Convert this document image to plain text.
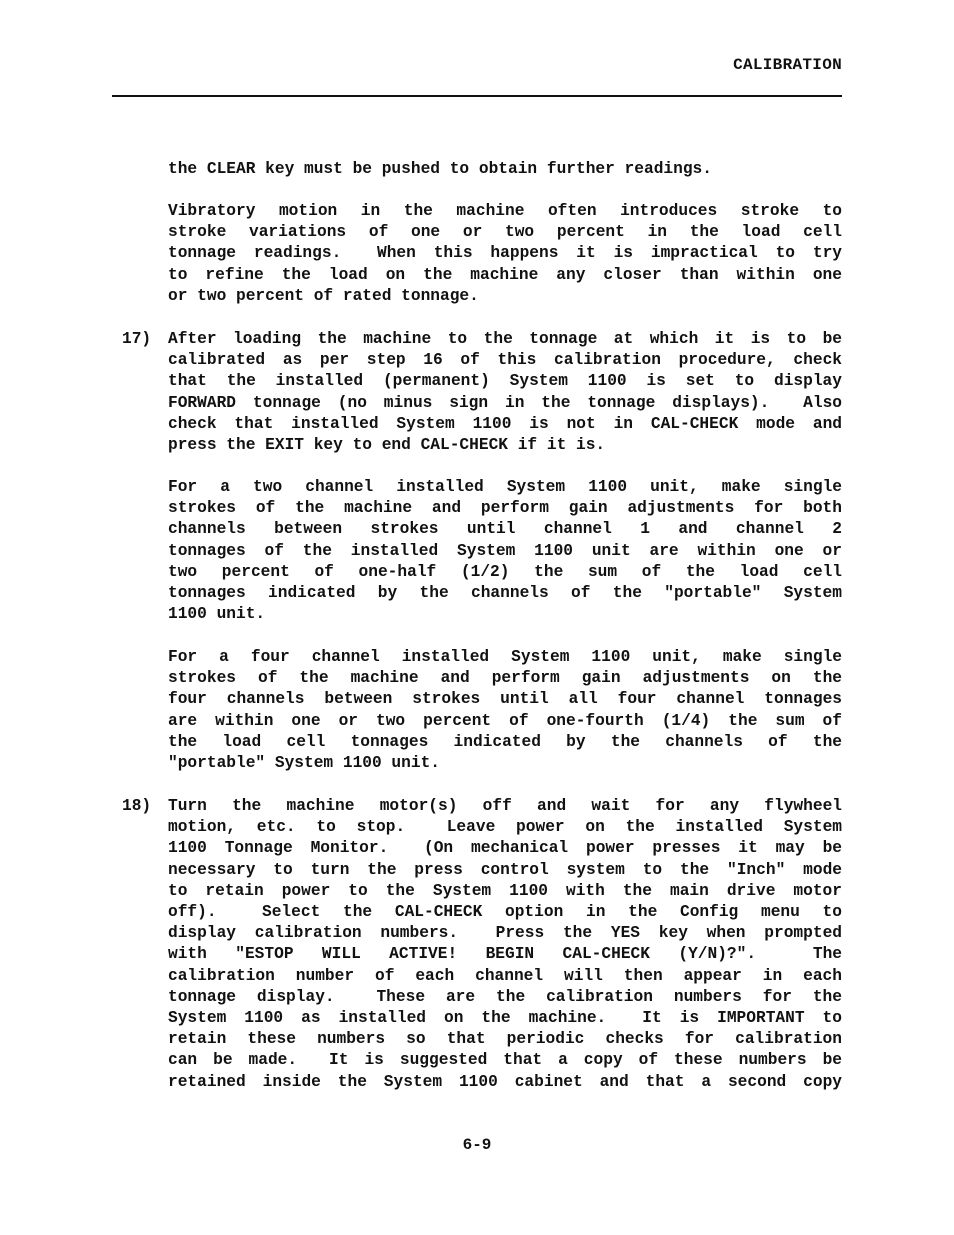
CALIBRATION
the CLEAR key must be pushed to obtain further readings.
Vibratory motion in the machine often introduces stroke to
stroke variations of one or two percent in the load cell
tonnage readings.  When this happens it is impractical to try
to refine the load on the machine any closer than within one
or two percent of rated tonnage.
After loading the machine to the tonnage at which it is to be
calibrated as per step 16 of this calibration procedure, check
that the installed (permanent) System 1100 is set to display
FORWARD tonnage (no minus sign in the tonnage displays).  Also
check that installed System 1100 is not in CAL-CHECK mode and
press the EXIT key to end CAL-CHECK if it is.
17)
For a two channel installed System 1100 unit, make single
strokes of the machine and perform gain adjustments for both
channels between strokes until channel 1 and channel 2
tonnages of the installed System 1100 unit are within one or
two percent of one-half (1/2) the sum of the load cell
tonnages indicated by the channels of the "portable" System
1100 unit.
For a four channel installed System 1100 unit, make single
strokes of the machine and perform gain adjustments on the
four channels between strokes until all four channel tonnages
are within one or two percent of one-fourth (1/4) the sum of
the load cell tonnages indicated by the channels of the
"portable" System 1100 unit.
Turn the machine motor(s) off and wait for any flywheel
motion, etc. to stop.  Leave power on the installed System
1100 Tonnage Monitor.  (On mechanical power presses it may be
necessary to turn the press control system to the "Inch" mode
to retain power to the System 1100 with the main drive motor
off).  Select the CAL-CHECK option in the Config menu to
display calibration numbers.  Press the YES key when prompted
with "ESTOP WILL ACTIVE! BEGIN CAL-CHECK (Y/N)?".  The
calibration number of each channel will then appear in each
tonnage display.  These are the calibration numbers for the
System 1100 as installed on the machine.  It is IMPORTANT to
retain these numbers so that periodic checks for calibration
can be made.  It is suggested that a copy of these numbers be
retained inside the System 1100 cabinet and that a second copy
18)
6-9
